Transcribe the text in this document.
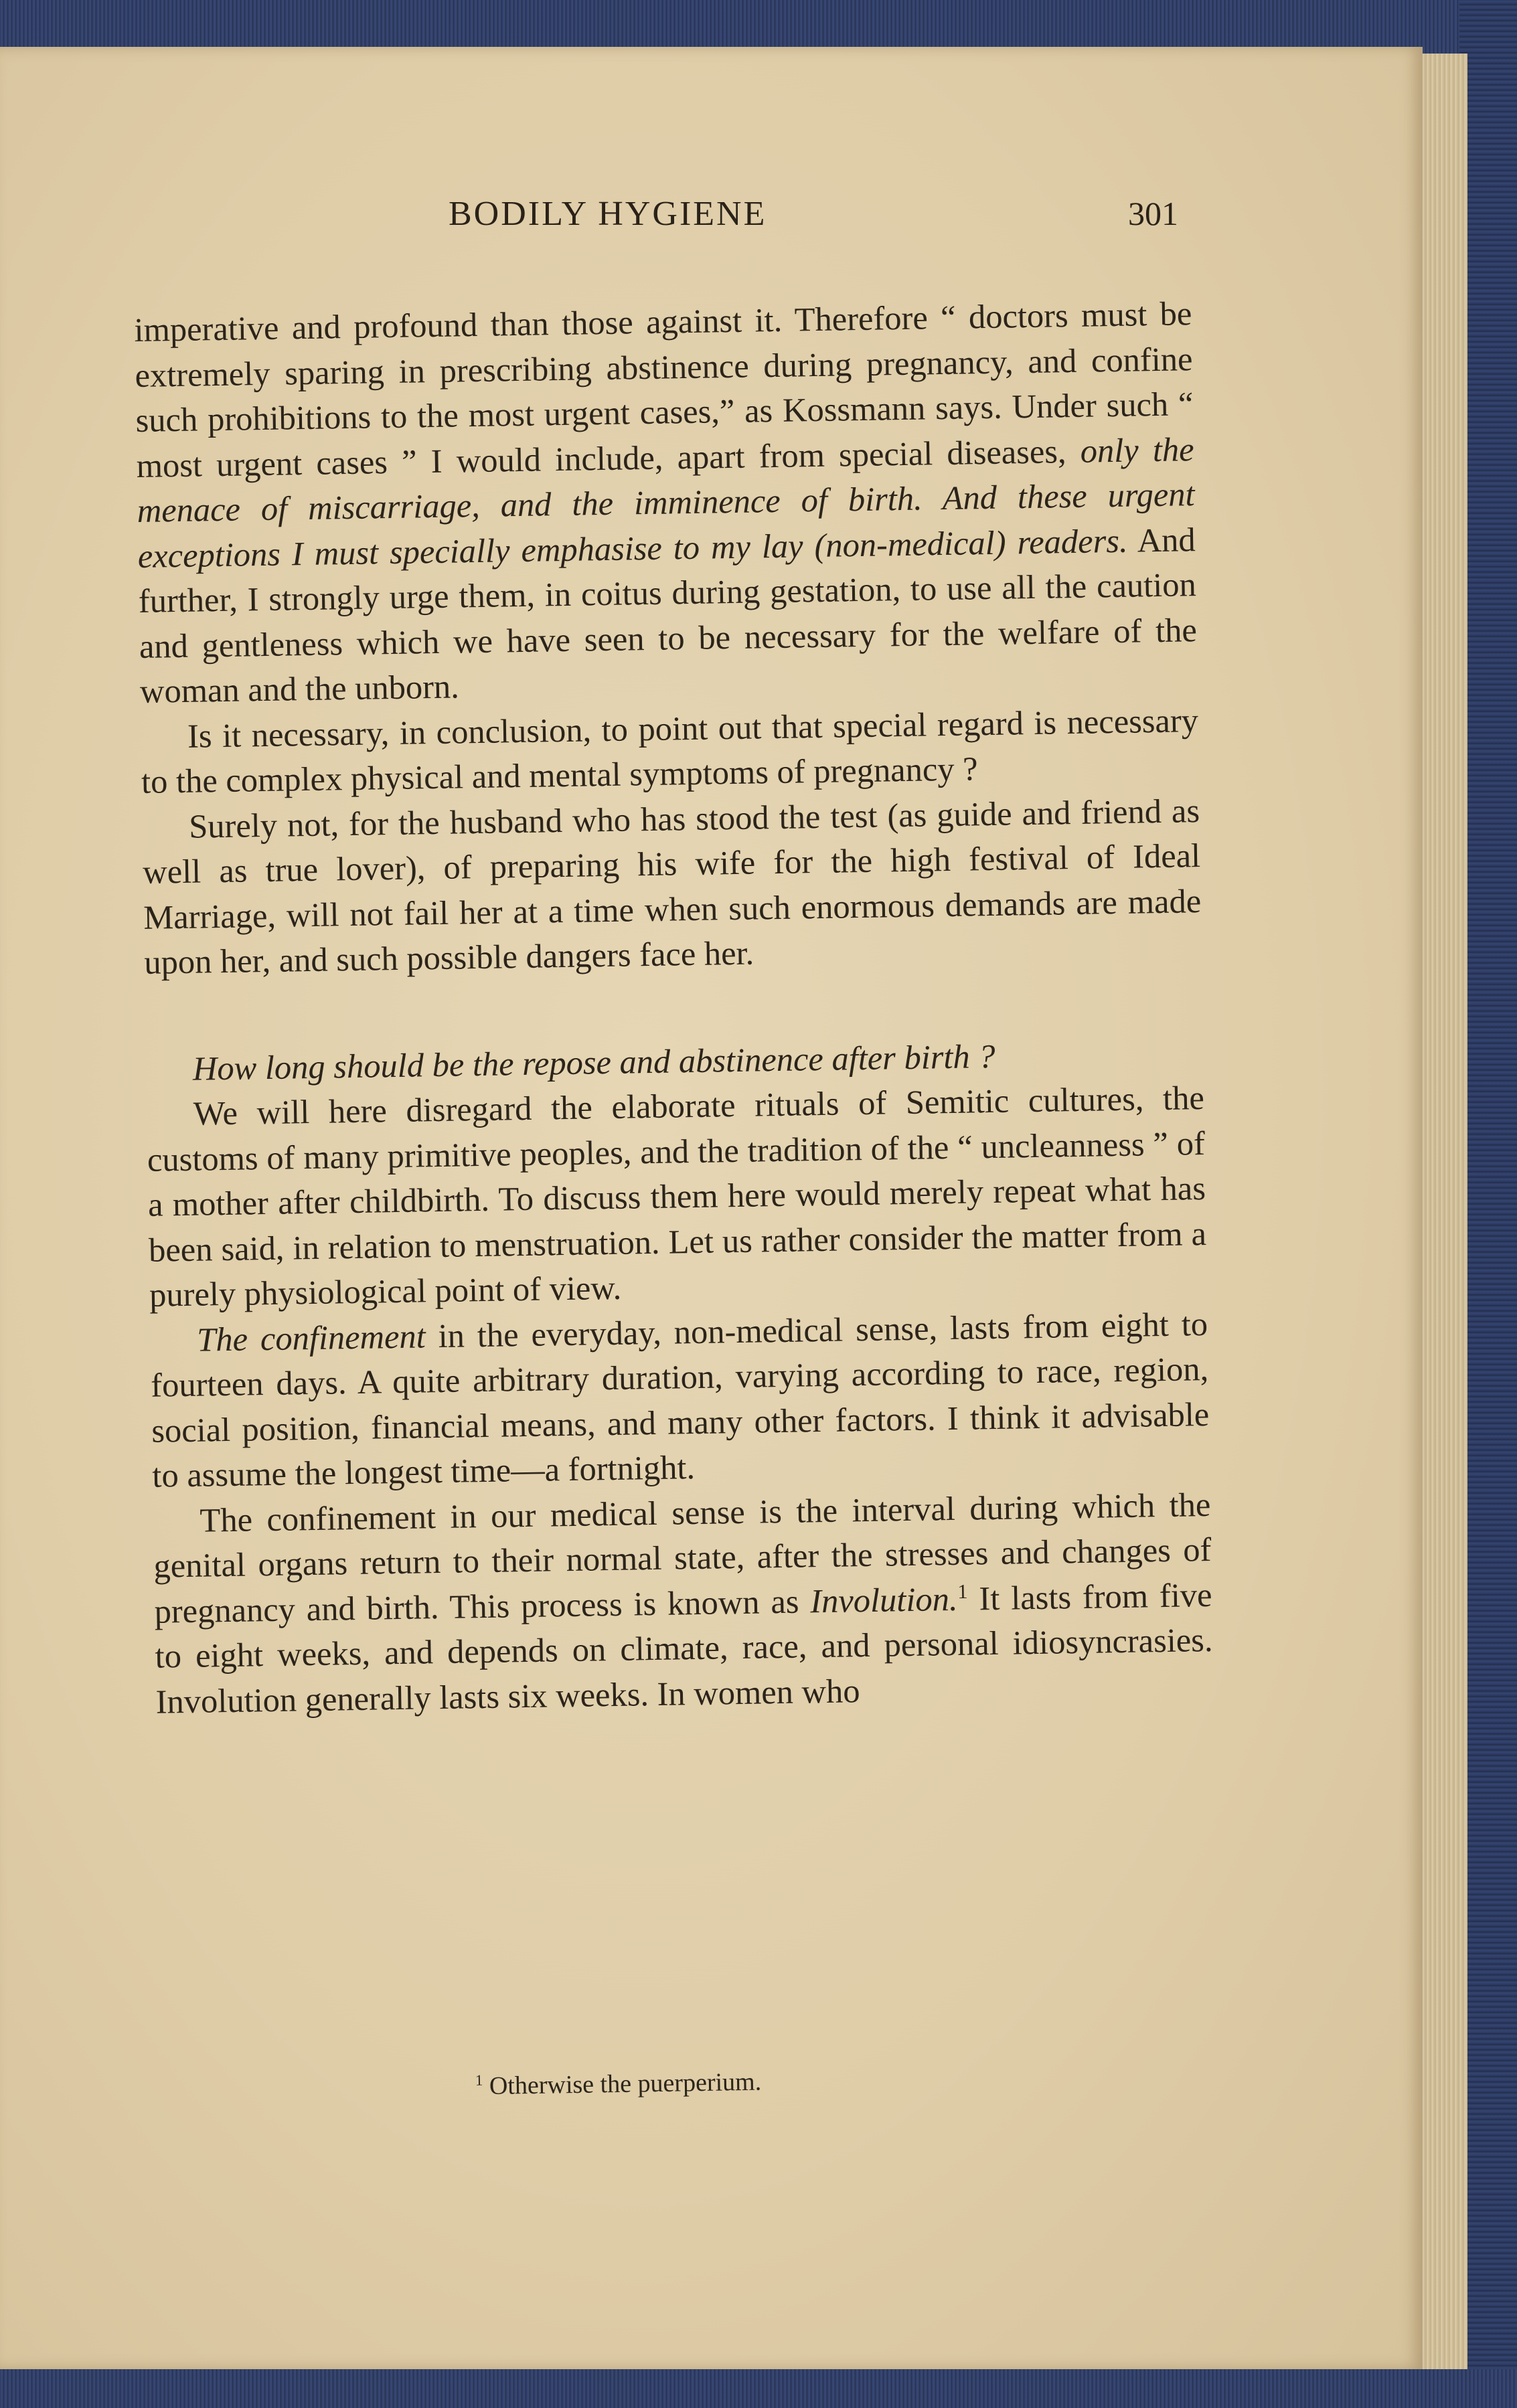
BODILY HYGIENE	301

imperative and profound than those against it. Therefore “ doctors must be extremely sparing in prescribing abstinence during pregnancy, and confine such prohibitions to the most urgent cases,” as Kossmann says. Under such “ most urgent cases ” I would include, apart from special diseases, only the menace of miscarriage, and the imminence of birth. And these urgent exceptions I must specially emphasise to my lay (non-medical) readers. And further, I strongly urge them, in coitus during gestation, to use all the caution and gentleness which we have seen to be necessary for the welfare of the woman and the unborn.

Is it necessary, in conclusion, to point out that special regard is necessary to the complex physical and mental symptoms of pregnancy ?

Surely not, for the husband who has stood the test (as guide and friend as well as true lover), of preparing his wife for the high festival of Ideal Marriage, will not fail her at a time when such enormous demands are made upon her, and such possible dangers face her.

How long should be the repose and abstinence after birth ?

We will here disregard the elaborate rituals of Semitic cultures, the customs of many primitive peoples, and the tradition of the “ uncleanness ” of a mother after childbirth. To discuss them here would merely repeat what has been said, in relation to menstruation. Let us rather consider the matter from a purely physiological point of view.

The confinement in the everyday, non-medical sense, lasts from eight to fourteen days. A quite arbitrary duration, varying according to race, region, social position, financial means, and many other factors. I think it advisable to assume the longest time—a fortnight.

The confinement in our medical sense is the interval during which the genital organs return to their normal state, after the stresses and changes of pregnancy and birth. This process is known as Involution.$^1$ It lasts from five to eight weeks, and depends on climate, race, and personal idiosyncrasies. Involution generally lasts six weeks. In women who

$^1$ Otherwise the puerperium.
